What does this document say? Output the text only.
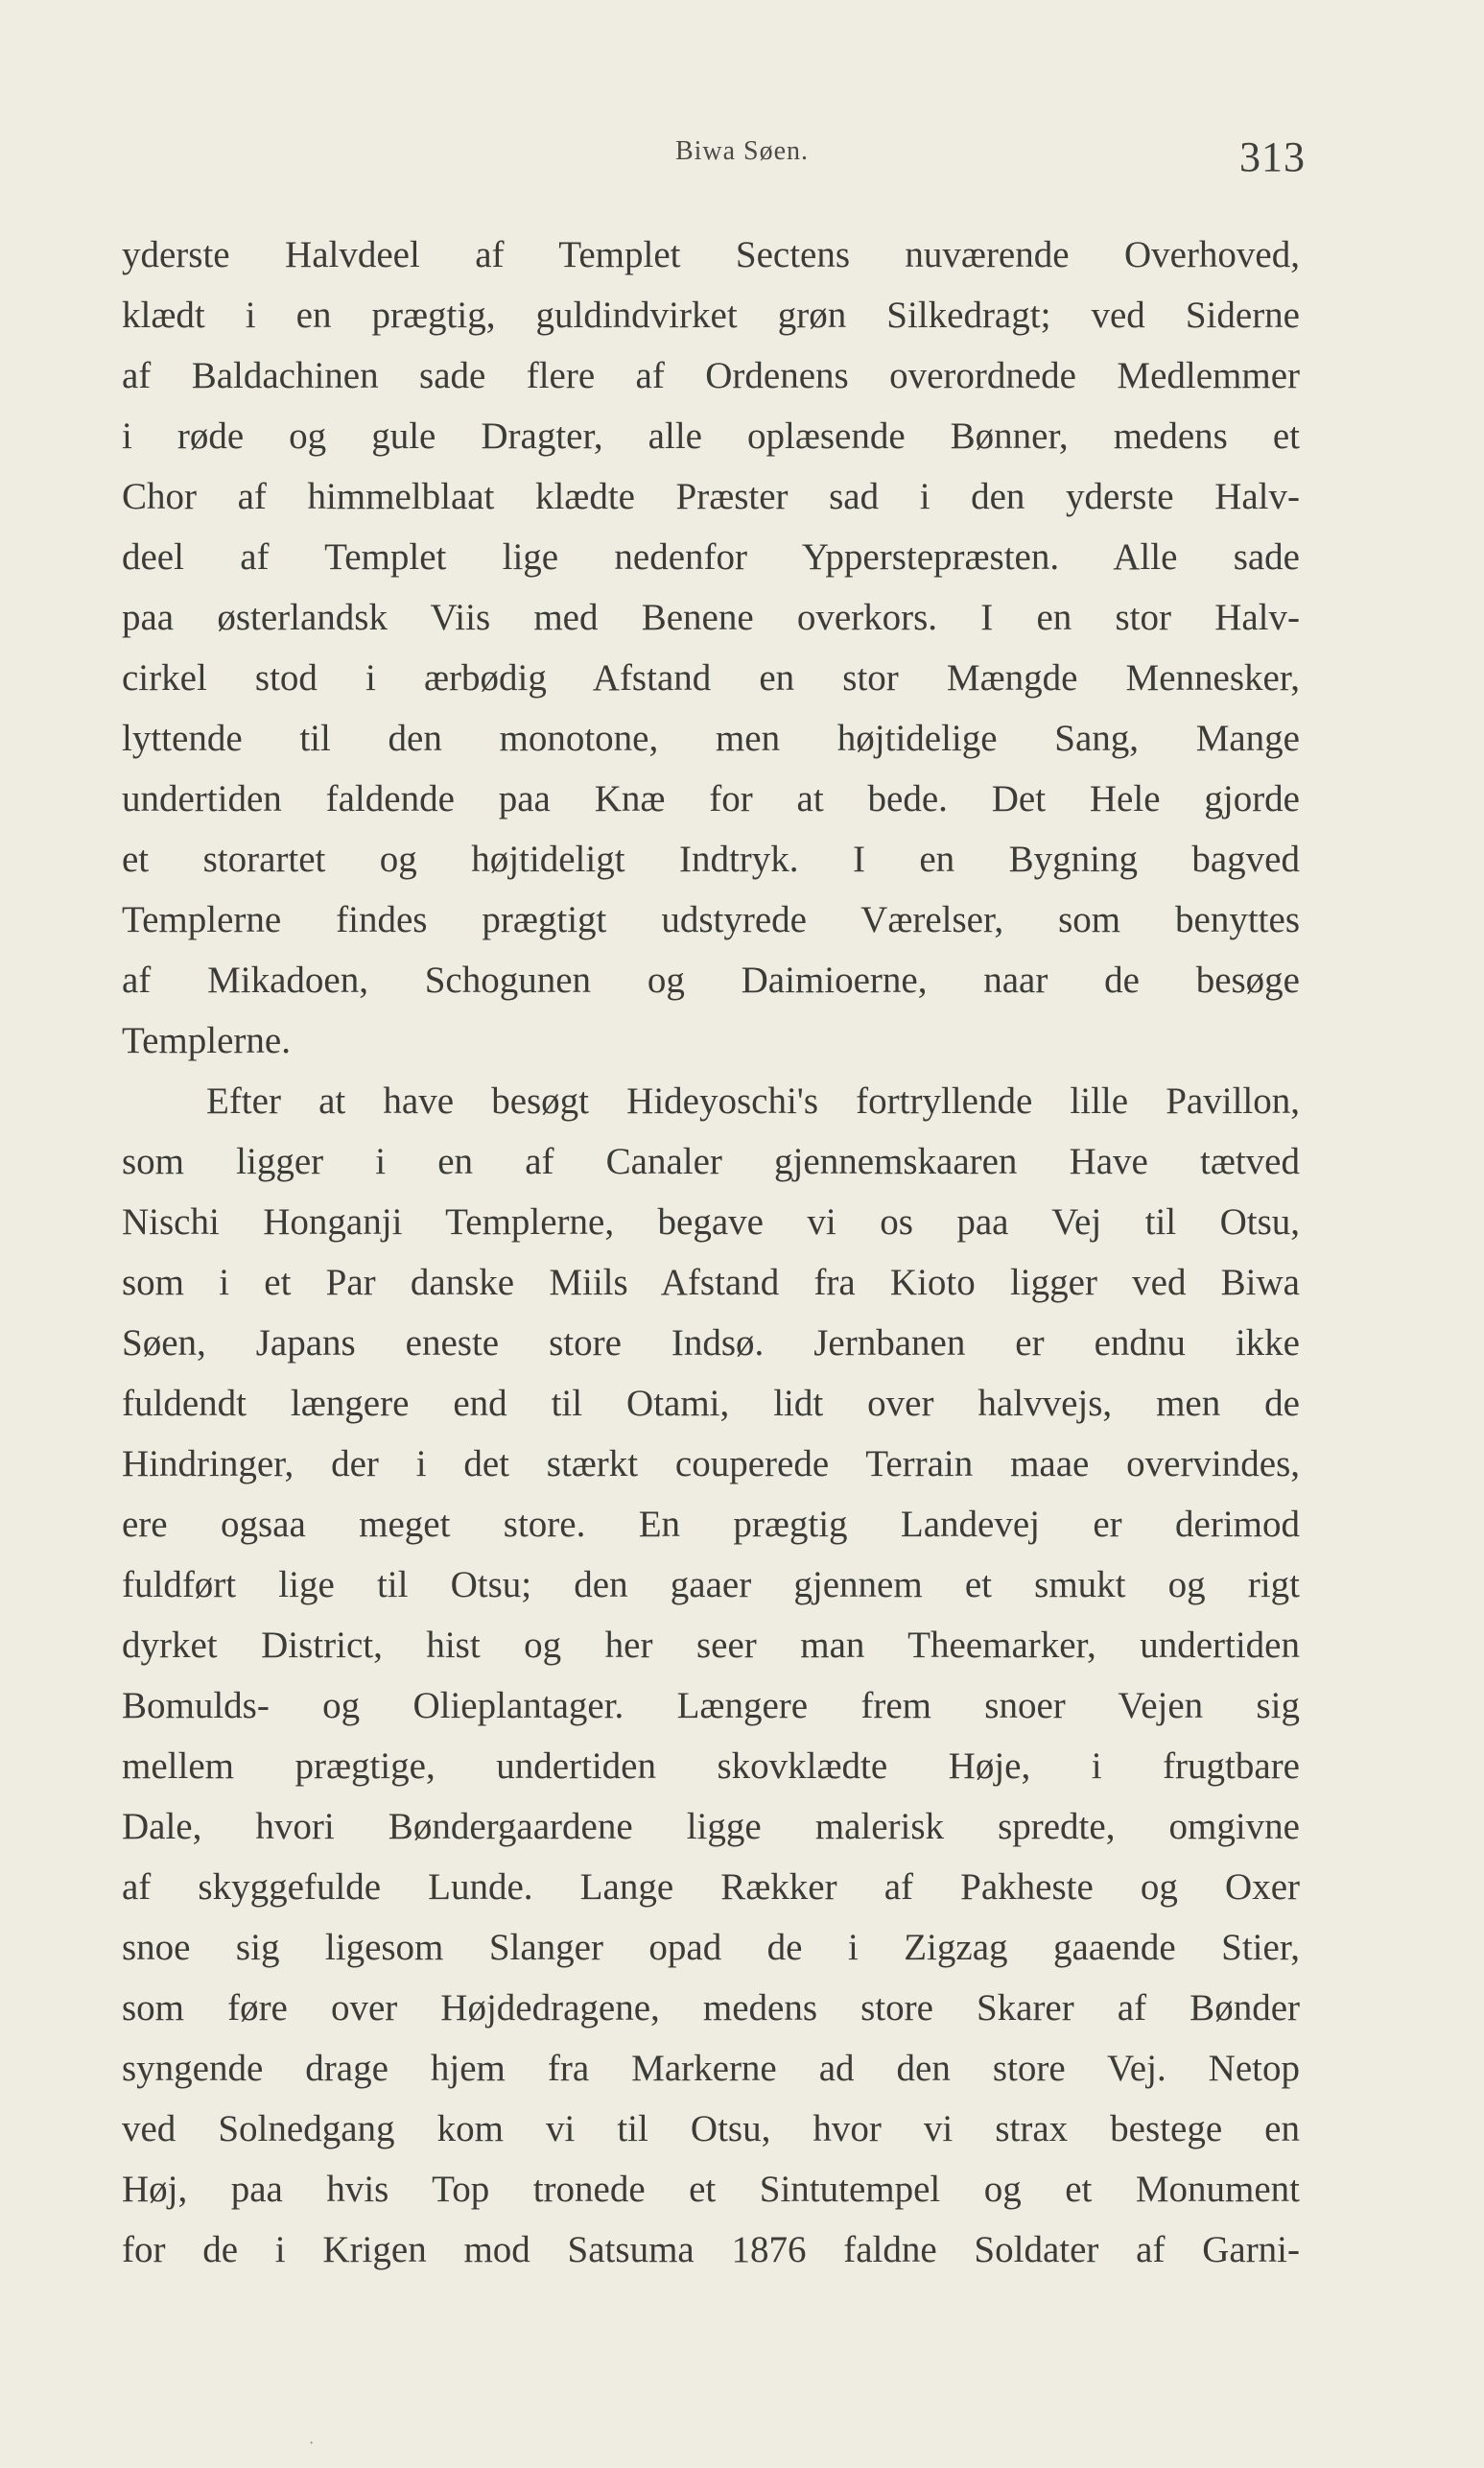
Biwa Søen.	313
yderste Halvdeel af Templet Sectens nuværende Overhoved,
klædt i en prægtig, guldindvirket grøn Silkedragt; ved Siderne
af Baldachinen sade flere af Ordenens overordnede Medlemmer
i røde og gule Dragter, alle oplæsende Bønner, medens et
Chor af himmelblaat klædte Præster sad i den yderste Halv-
deel af Templet lige nedenfor Ypperstepræsten. Alle sade
paa østerlandsk Viis med Benene overkors. I en stor Halv-
cirkel stod i ærbødig Afstand en stor Mængde Mennesker,
lyttende til den monotone, men højtidelige Sang, Mange
undertiden faldende paa Knæ for at bede. Det Hele gjorde
et storartet og højtideligt Indtryk. I en Bygning bagved
Templerne findes prægtigt udstyrede Værelser, som benyttes
af Mikadoen, Schogunen og Daimioerne, naar de besøge
Templerne.
Efter at have besøgt Hideyoschi's fortryllende lille Pavillon,
som ligger i en af Canaler gjennemskaaren Have tætved
Nischi Honganji Templerne, begave vi os paa Vej til Otsu,
som i et Par danske Miils Afstand fra Kioto ligger ved Biwa
Søen, Japans eneste store Indsø. Jernbanen er endnu ikke
fuldendt længere end til Otami, lidt over halvvejs, men de
Hindringer, der i det stærkt couperede Terrain maae overvindes,
ere ogsaa meget store. En prægtig Landevej er derimod
fuldført lige til Otsu; den gaaer gjennem et smukt og rigt
dyrket District, hist og her seer man Theemarker, undertiden
Bomulds- og Olieplantager. Længere frem snoer Vejen sig
mellem prægtige, undertiden skovklædte Høje, i frugtbare
Dale, hvori Bøndergaardene ligge malerisk spredte, omgivne
af skyggefulde Lunde. Lange Rækker af Pakheste og Oxer
snoe sig ligesom Slanger opad de i Zigzag gaaende Stier,
som føre over Højdedragene, medens store Skarer af Bønder
syngende drage hjem fra Markerne ad den store Vej. Netop
ved Solnedgang kom vi til Otsu, hvor vi strax bestege en
Høj, paa hvis Top tronede et Sintutempel og et Monument
for de i Krigen mod Satsuma 1876 faldne Soldater af Garni-
·
